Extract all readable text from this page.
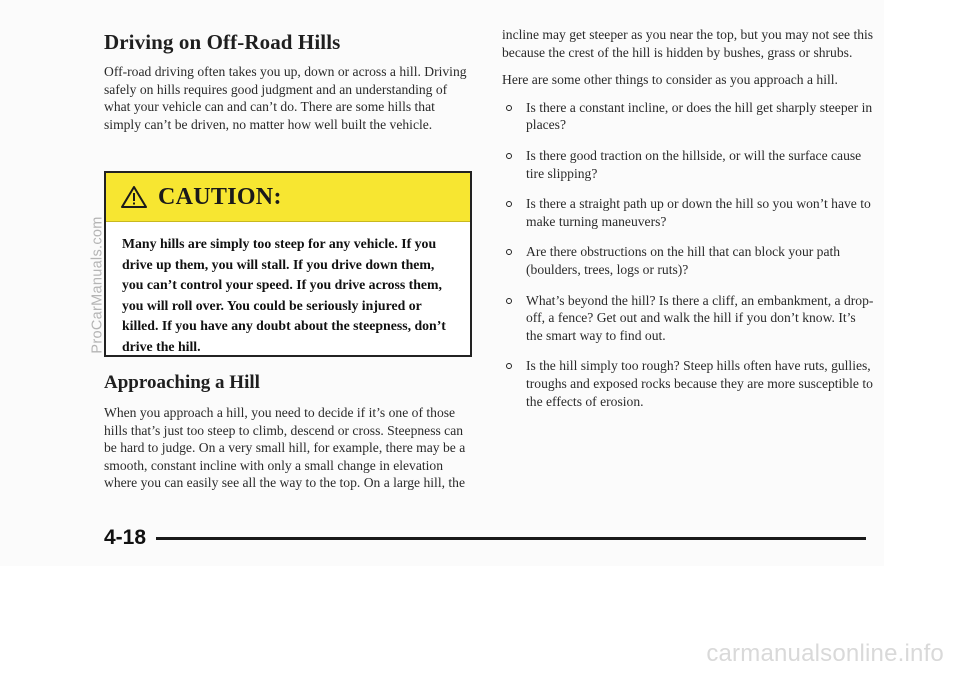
Driving on Off-Road Hills

Off-road driving often takes you up, down or across a hill. Driving safely on hills requires good judgment and an understanding of what your vehicle can and can’t do. There are some hills that simply can’t be driven, no matter how well built the vehicle.

CAUTION:
Many hills are simply too steep for any vehicle. If you drive up them, you will stall. If you drive down them, you can’t control your speed. If you drive across them, you will roll over. You could be seriously injured or killed. If you have any doubt about the steepness, don’t drive the hill.
Approaching a Hill

When you approach a hill, you need to decide if it’s one of those hills that’s just too steep to climb, descend or cross. Steepness can be hard to judge. On a very small hill, for example, there may be a smooth, constant incline with only a small change in elevation where you can easily see all the way to the top. On a large hill, the

incline may get steeper as you near the top, but you may not see this because the crest of the hill is hidden by bushes, grass or shrubs.

Here are some other things to consider as you approach a hill.

Is there a constant incline, or does the hill get sharply steeper in places?
Is there good traction on the hillside, or will the surface cause tire slipping?
Is there a straight path up or down the hill so you won’t have to make turning maneuvers?
Are there obstructions on the hill that can block your path (boulders, trees, logs or ruts)?
What’s beyond the hill? Is there a cliff, an embankment, a drop-off, a fence? Get out and walk the hill if you don’t know. It’s the smart way to find out.
Is the hill simply too rough? Steep hills often have ruts, gullies, troughs and exposed rocks because they are more susceptible to the effects of erosion.
4-18
ProCarManuals.com
carmanualsonline.info
